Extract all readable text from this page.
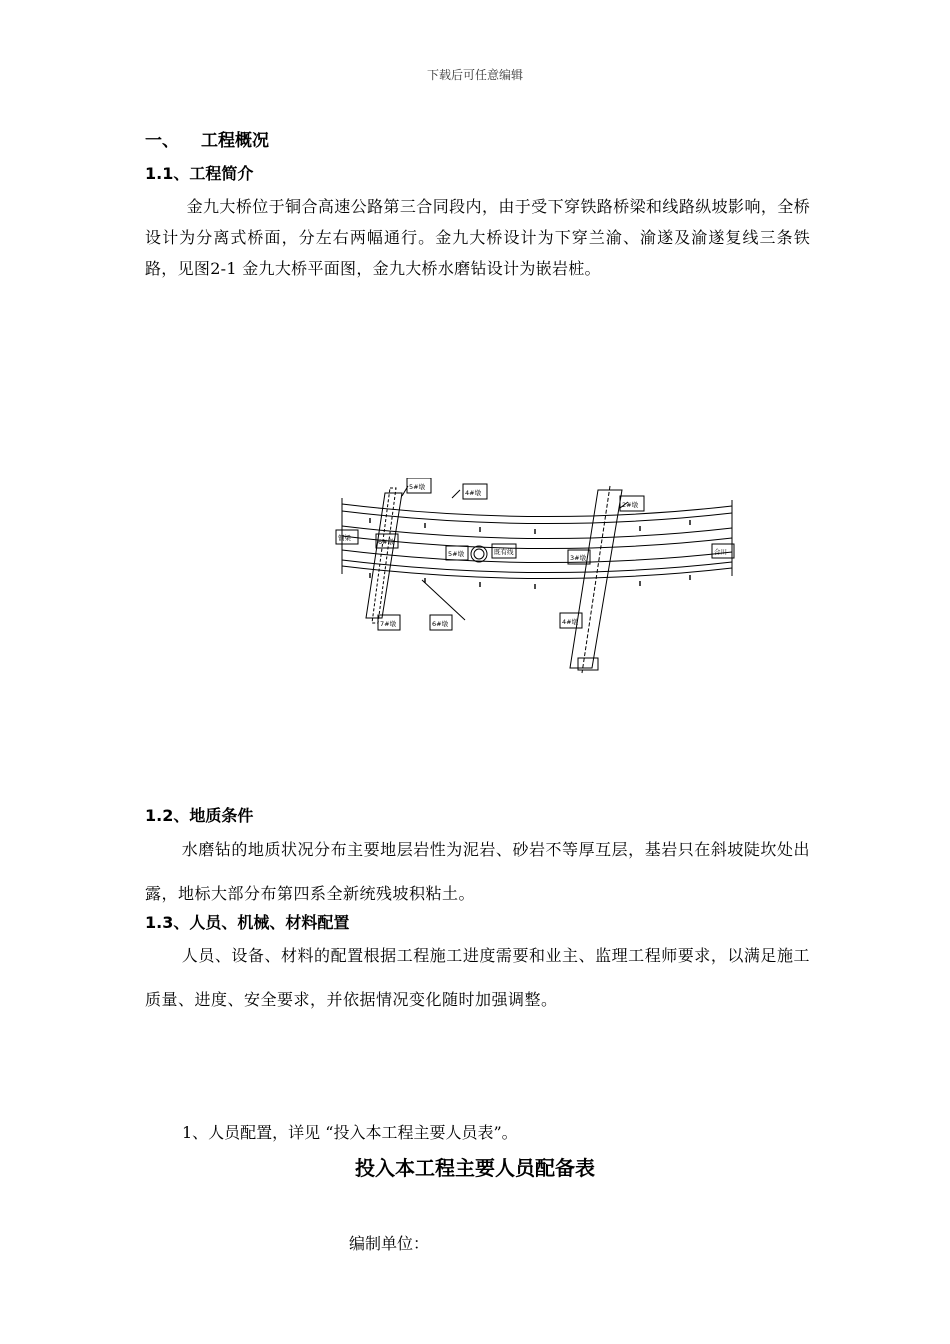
下载后可任意编辑
一、 工程概况
1.1、工程简介
金九大桥位于铜合高速公路第三合同段内，由于受下穿铁路桥梁和线路纵坡影响，全桥设计为分离式桥面，分左右两幅通行。金九大桥设计为下穿兰渝、渝遂及渝遂复线三条铁路，见图2-1 金九大桥平面图，金九大桥水磨钻设计为嵌岩桩。
5#墩
4#墩
6#墩
5#墩	3#墩
2#墩
7#墩	6#墩	4#墩
铜梁
合川
既有线
1.2、地质条件
水磨钻的地质状况分布主要地层岩性为泥岩、砂岩不等厚互层，基岩只在斜坡陡坎处出露，地标大部分布第四系全新统残坡积粘土。
1.3、人员、机械、材料配置
人员、设备、材料的配置根据工程施工进度需要和业主、监理工程师要求，以满足施工质量、进度、安全要求，并依据情况变化随时加强调整。
1、人员配置，详见 “投入本工程主要人员表”。
投入本工程主要人员配备表
编制单位：
